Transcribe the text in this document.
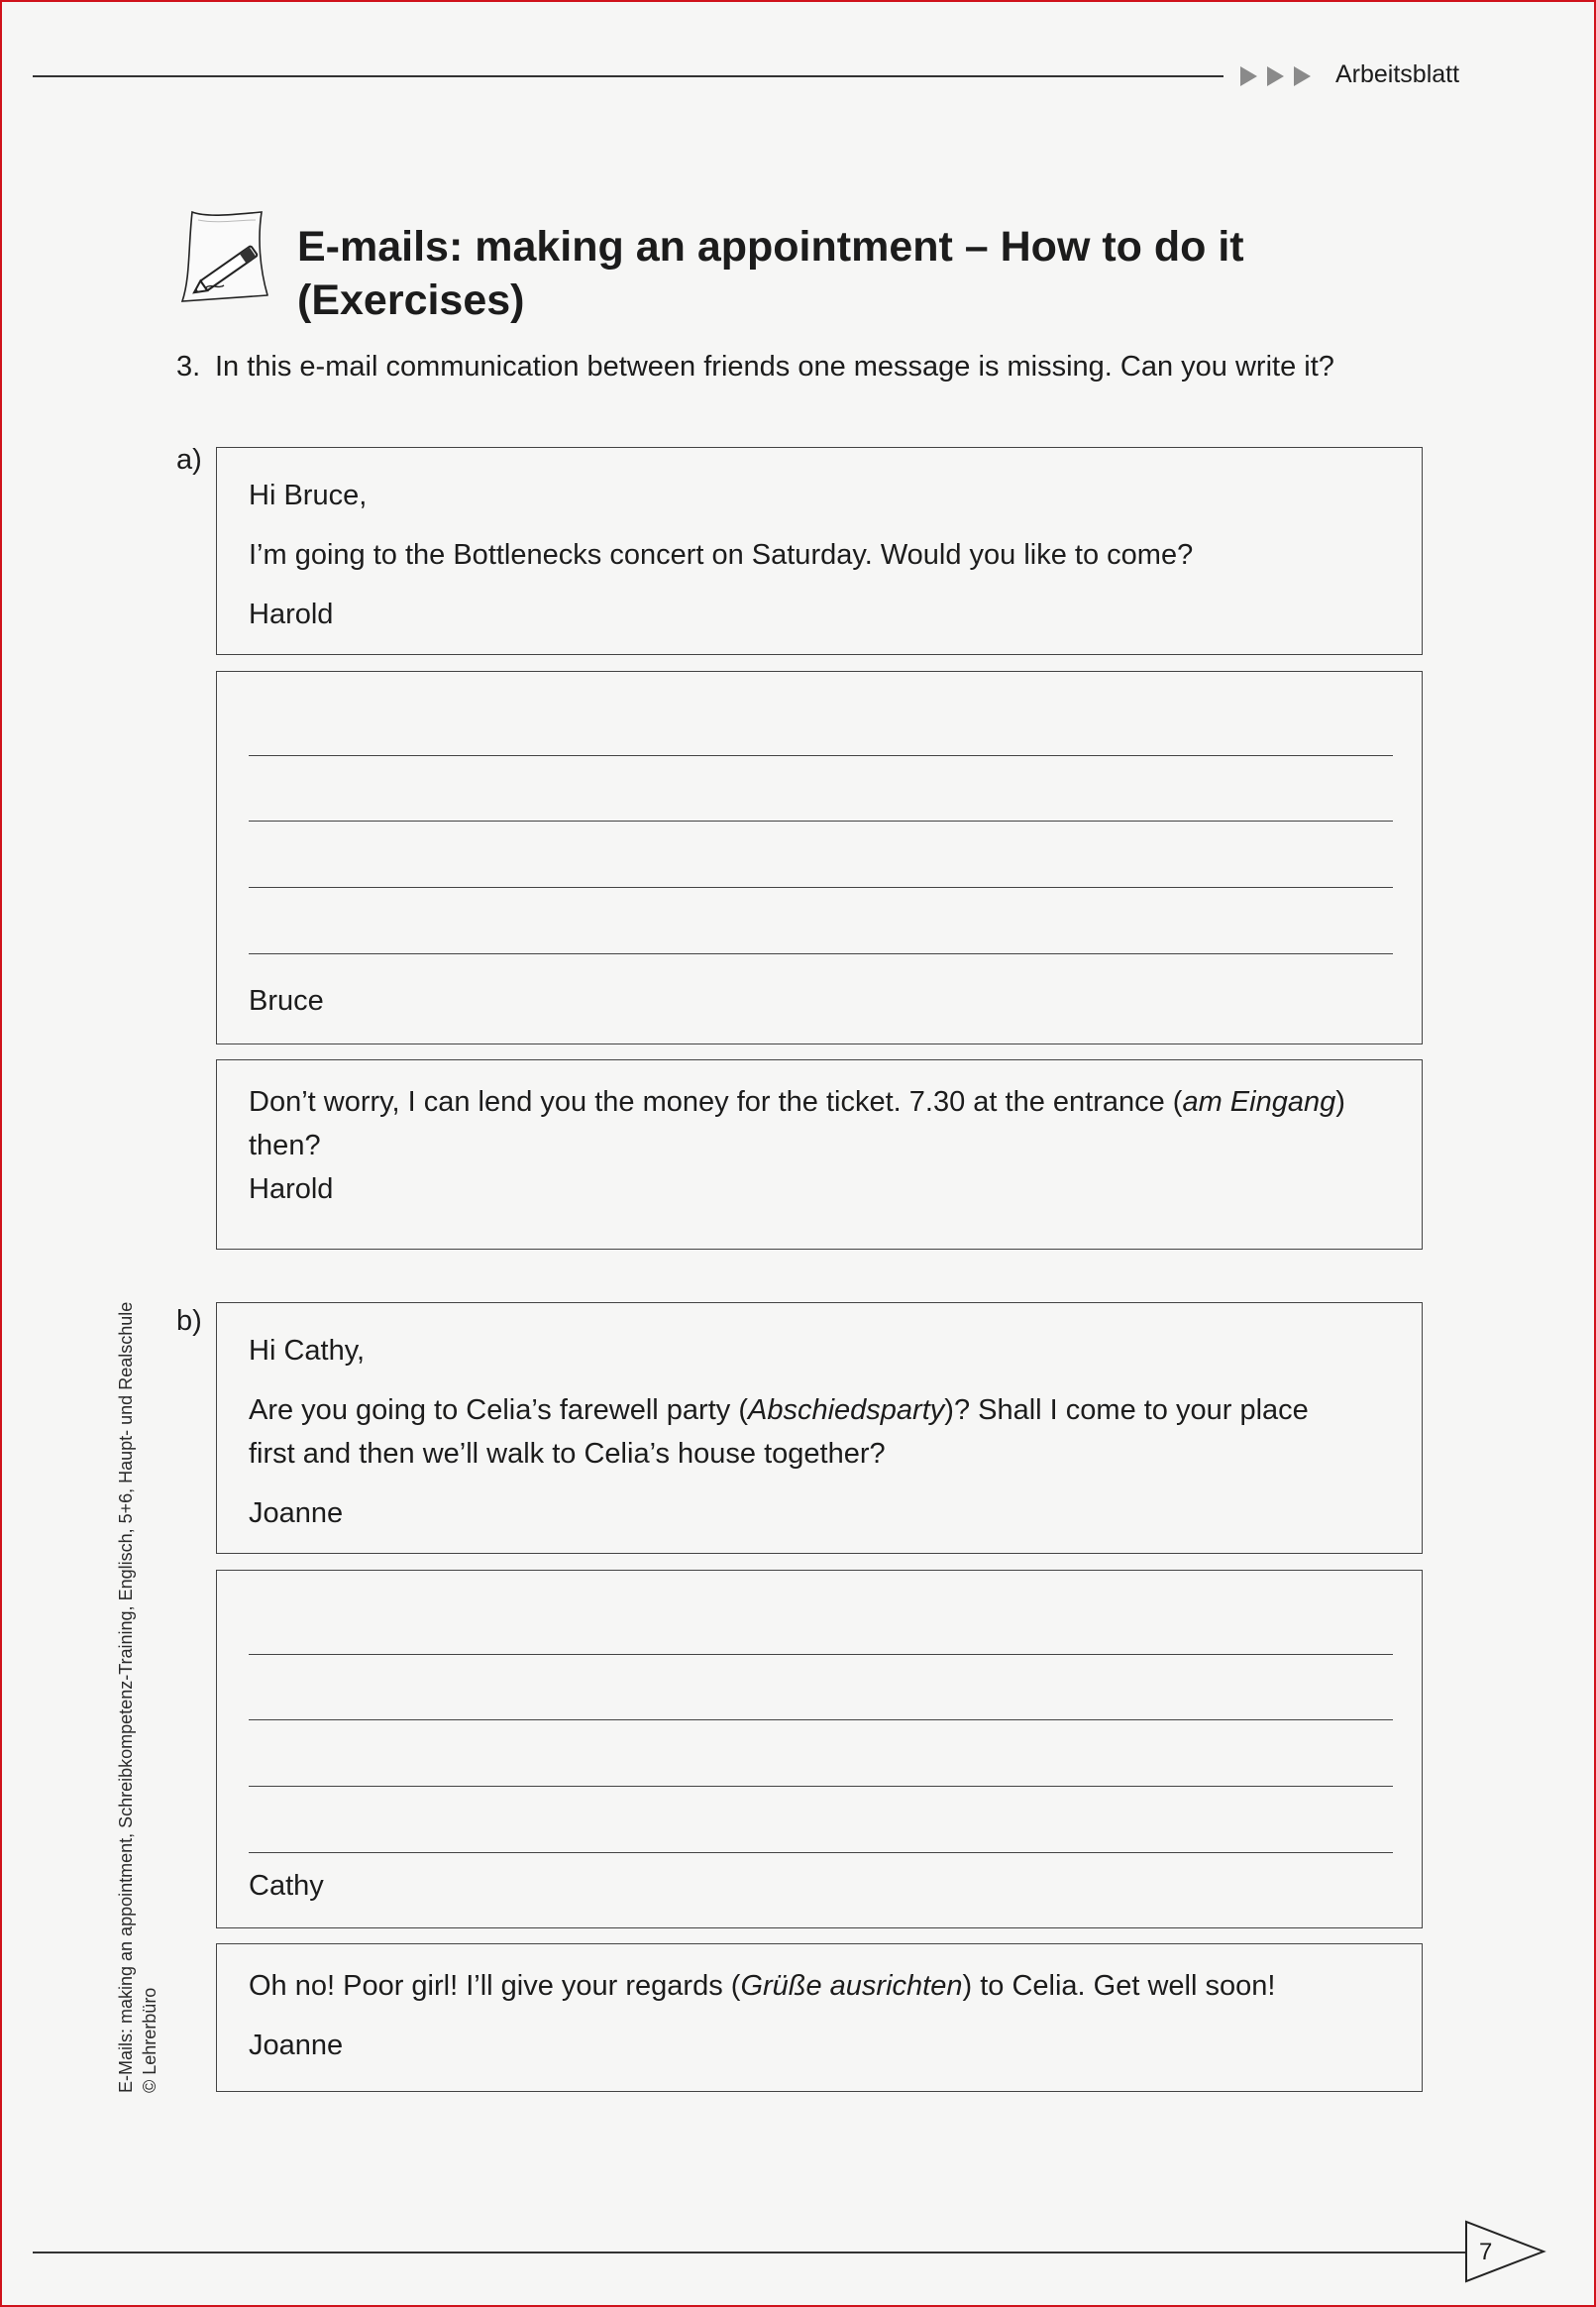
Arbeitsblatt
E-mails: making an appointment – How to do it
(Exercises)
3. In this e-mail communication between friends one message is missing. Can you write it?
a)
Hi Bruce,
I’m going to the Bottlenecks concert on Saturday. Would you like to come?
Harold
Bruce
Don’t worry, I can lend you the money for the ticket. 7.30 at the entrance (am Eingang)
then?
Harold
b)
Hi Cathy,
Are you going to Celia’s farewell party (Abschiedsparty)? Shall I come to your place
first and then we’ll walk to Celia’s house together?
Joanne
Cathy
Oh no! Poor girl! I’ll give your regards (Grüße ausrichten) to Celia. Get well soon!
Joanne
E-Mails: making an appointment, Schreibkompetenz-Training, Englisch, 5+6, Haupt- und Realschule © Lehrerbüro
7
